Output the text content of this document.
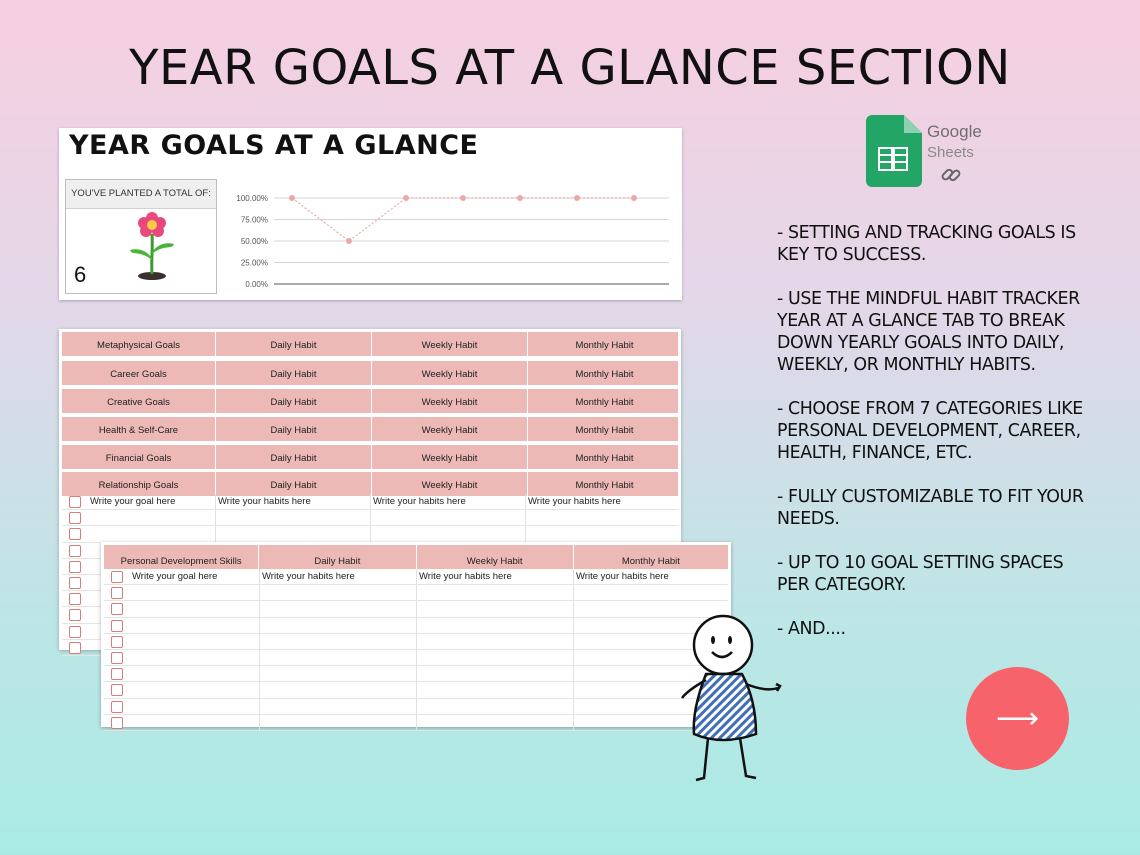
YEAR GOALS AT A GLANCE SECTION
YEAR GOALS AT A GLANCE
YOU'VE PLANTED A TOTAL OF:
6
100.00%
75.00%
50.00%
25.00%
0.00%
Metaphysical Goals	Daily Habit	Weekly Habit	Monthly Habit
Career Goals	Daily Habit	Weekly Habit	Monthly Habit
Creative Goals	Daily Habit	Weekly Habit	Monthly Habit
Health & Self-Care	Daily Habit	Weekly Habit	Monthly Habit
Financial Goals	Daily Habit	Weekly Habit	Monthly Habit
Relationship Goals	Daily Habit	Weekly Habit	Monthly Habit
Write your goal here	Write your habits here	Write your habits here	Write your habits here
Personal Development Skills	Daily Habit	Weekly Habit	Monthly Habit
Write your goal here	Write your habits here	Write your habits here	Write your habits here
Google
Sheets

- SETTING AND TRACKING GOALS IS KEY TO SUCCESS.

- USE THE MINDFUL HABIT TRACKER YEAR AT A GLANCE TAB TO BREAK DOWN YEARLY GOALS INTO DAILY, WEEKLY, OR MONTHLY HABITS.

- CHOOSE FROM 7 CATEGORIES LIKE PERSONAL DEVELOPMENT, CAREER, HEALTH, FINANCE, ETC.

- FULLY CUSTOMIZABLE TO FIT YOUR NEEDS.

- UP TO 10 GOAL SETTING SPACES PER CATEGORY.

- AND....

⟶
